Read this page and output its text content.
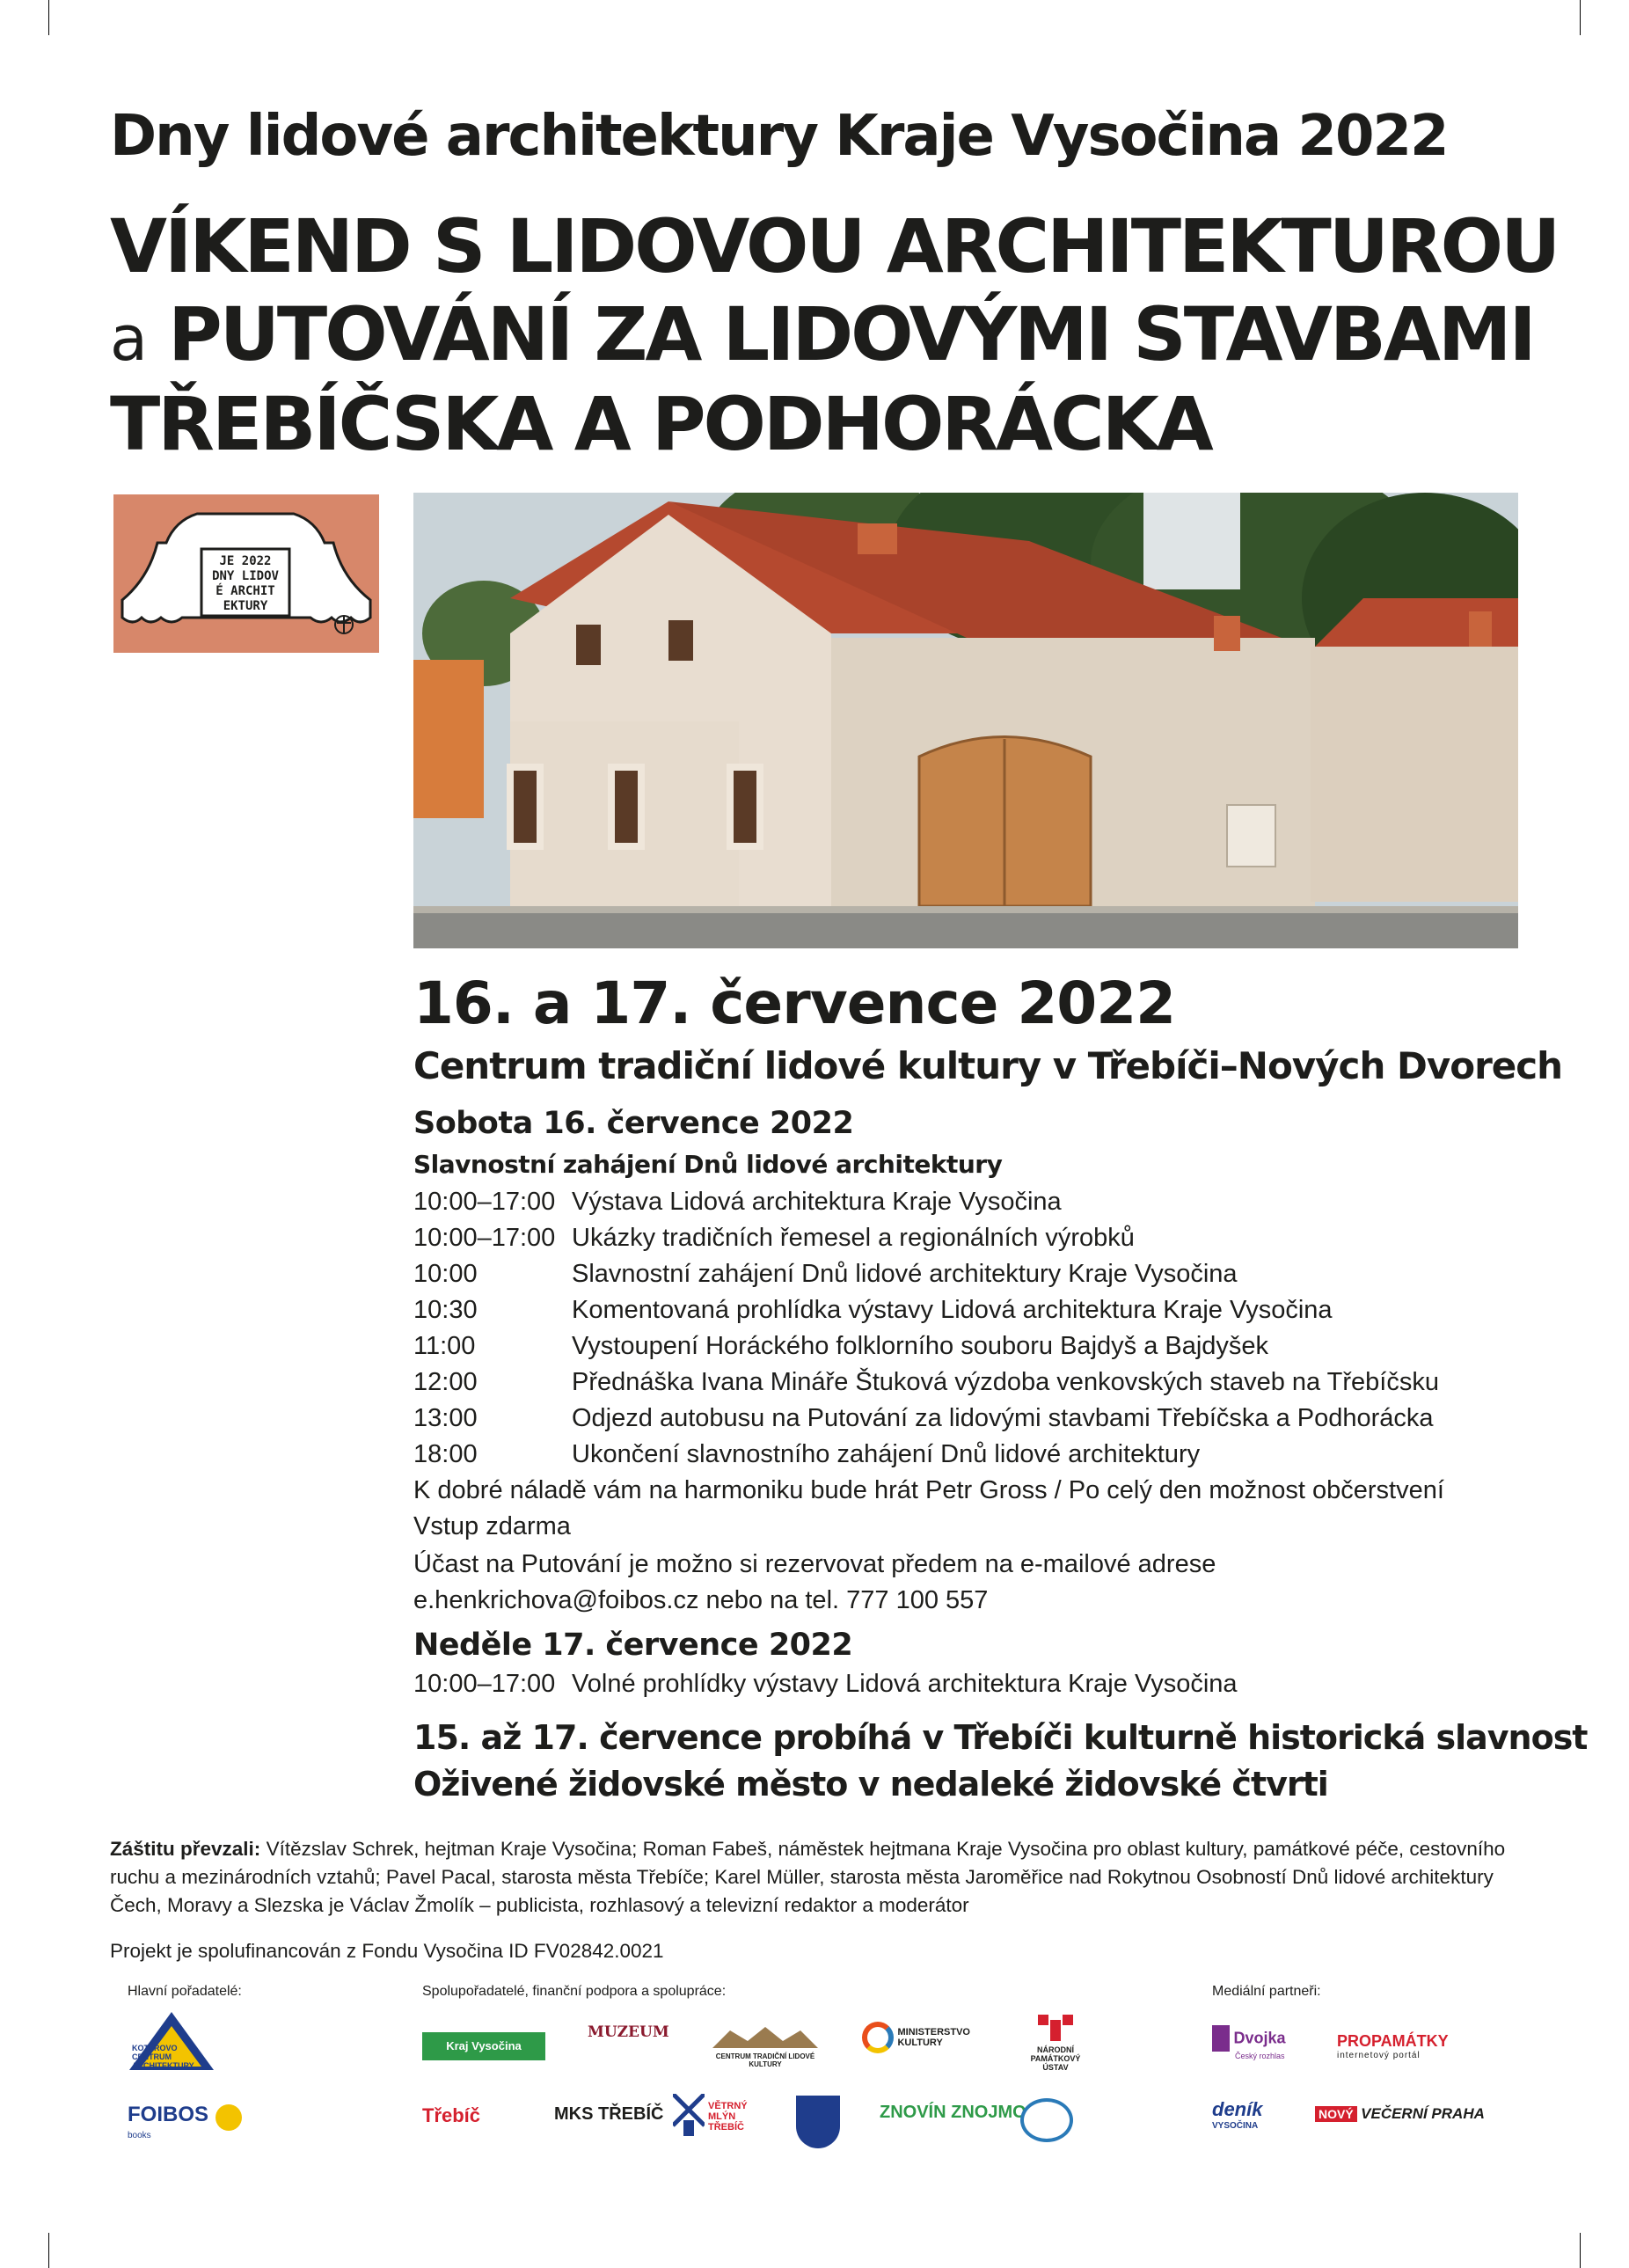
Dny lidové architektury Kraje Vysočina 2022
VÍKEND S LIDOVOU ARCHITEKTUROU
a PUTOVÁNÍ ZA LIDOVÝMI STAVBAMI
TŘEBÍČSKA A PODHORÁCKA
JE 2022
DNY LIDOV
É ARCHIT
EKTURY
16. a 17. července 2022
Centrum tradiční lidové kultury v Třebíči–Nových Dvorech
Sobota 16. července 2022
Slavnostní zahájení Dnů lidové architektury
10:00–17:00 Výstava Lidová architektura Kraje Vysočina
10:00–17:00 Ukázky tradičních řemesel a regionálních výrobků
10:00	Slavnostní zahájení Dnů lidové architektury Kraje Vysočina
10:30	Komentovaná prohlídka výstavy Lidová architektura Kraje Vysočina
11:00	Vystoupení Horáckého folklorního souboru Bajdyš a Bajdyšek
12:00	Přednáška Ivana Mináře Štuková výzdoba venkovských staveb na Třebíčsku
13:00	Odjezd autobusu na Putování za lidovými stavbami Třebíčska a Podhorácka
18:00	Ukončení slavnostního zahájení Dnů lidové architektury
K dobré náladě vám na harmoniku bude hrát Petr Gross / Po celý den možnost občerstvení
Vstup zdarma
Účast na Putování je možno si rezervovat předem na e-mailové adrese
e.henkrichova@foibos.cz nebo na tel. 777 100 557
Neděle 17. července 2022
10:00–17:00 Volné prohlídky výstavy Lidová architektura Kraje Vysočina
15. až 17. července probíhá v Třebíči kulturně historická slavnost
Oživené židovské město v nedaleké židovské čtvrti
Záštitu převzali: Vítězslav Schrek, hejtman Kraje Vysočina; Roman Fabeš, náměstek hejtmana Kraje Vysočina pro oblast kultury, památkové péče, cestovního ruchu a mezinárodních vztahů; Pavel Pacal, starosta města Třebíče; Karel Müller, starosta města Jaroměřice nad Rokytnou Osobností Dnů lidové architektury Čech, Moravy a Slezska je Václav Žmolík – publicista, rozhlasový a televizní redaktor a moderátor
Projekt je spolufinancován z Fondu Vysočina ID FV02842.0021
Hlavní pořadatelé:	Spolupořadatelé, finanční podpora a spolupráce:	Mediální partneři:
KOTĚROVO CENTRUM ARCHITEKTURY
FOIBOS
books
Kraj Vysočina
MUZEUM
CENTRUM TRADIČNÍ LIDOVÉ KULTURY
MINISTERSTVO KULTURY
NÁRODNÍ PAMÁTKOVÝ ÚSTAV
Třebíč	MKS TŘEBÍČ	VĚTRNÝ MLÝN TŘEBÍČ
ZNOVÍN ZNOJMO
Dvojka
Český rozhlas
PROPAMÁTKY
internetový portál
deník
VYSOČINA
NOVÝ VEČERNÍ PRAHA
